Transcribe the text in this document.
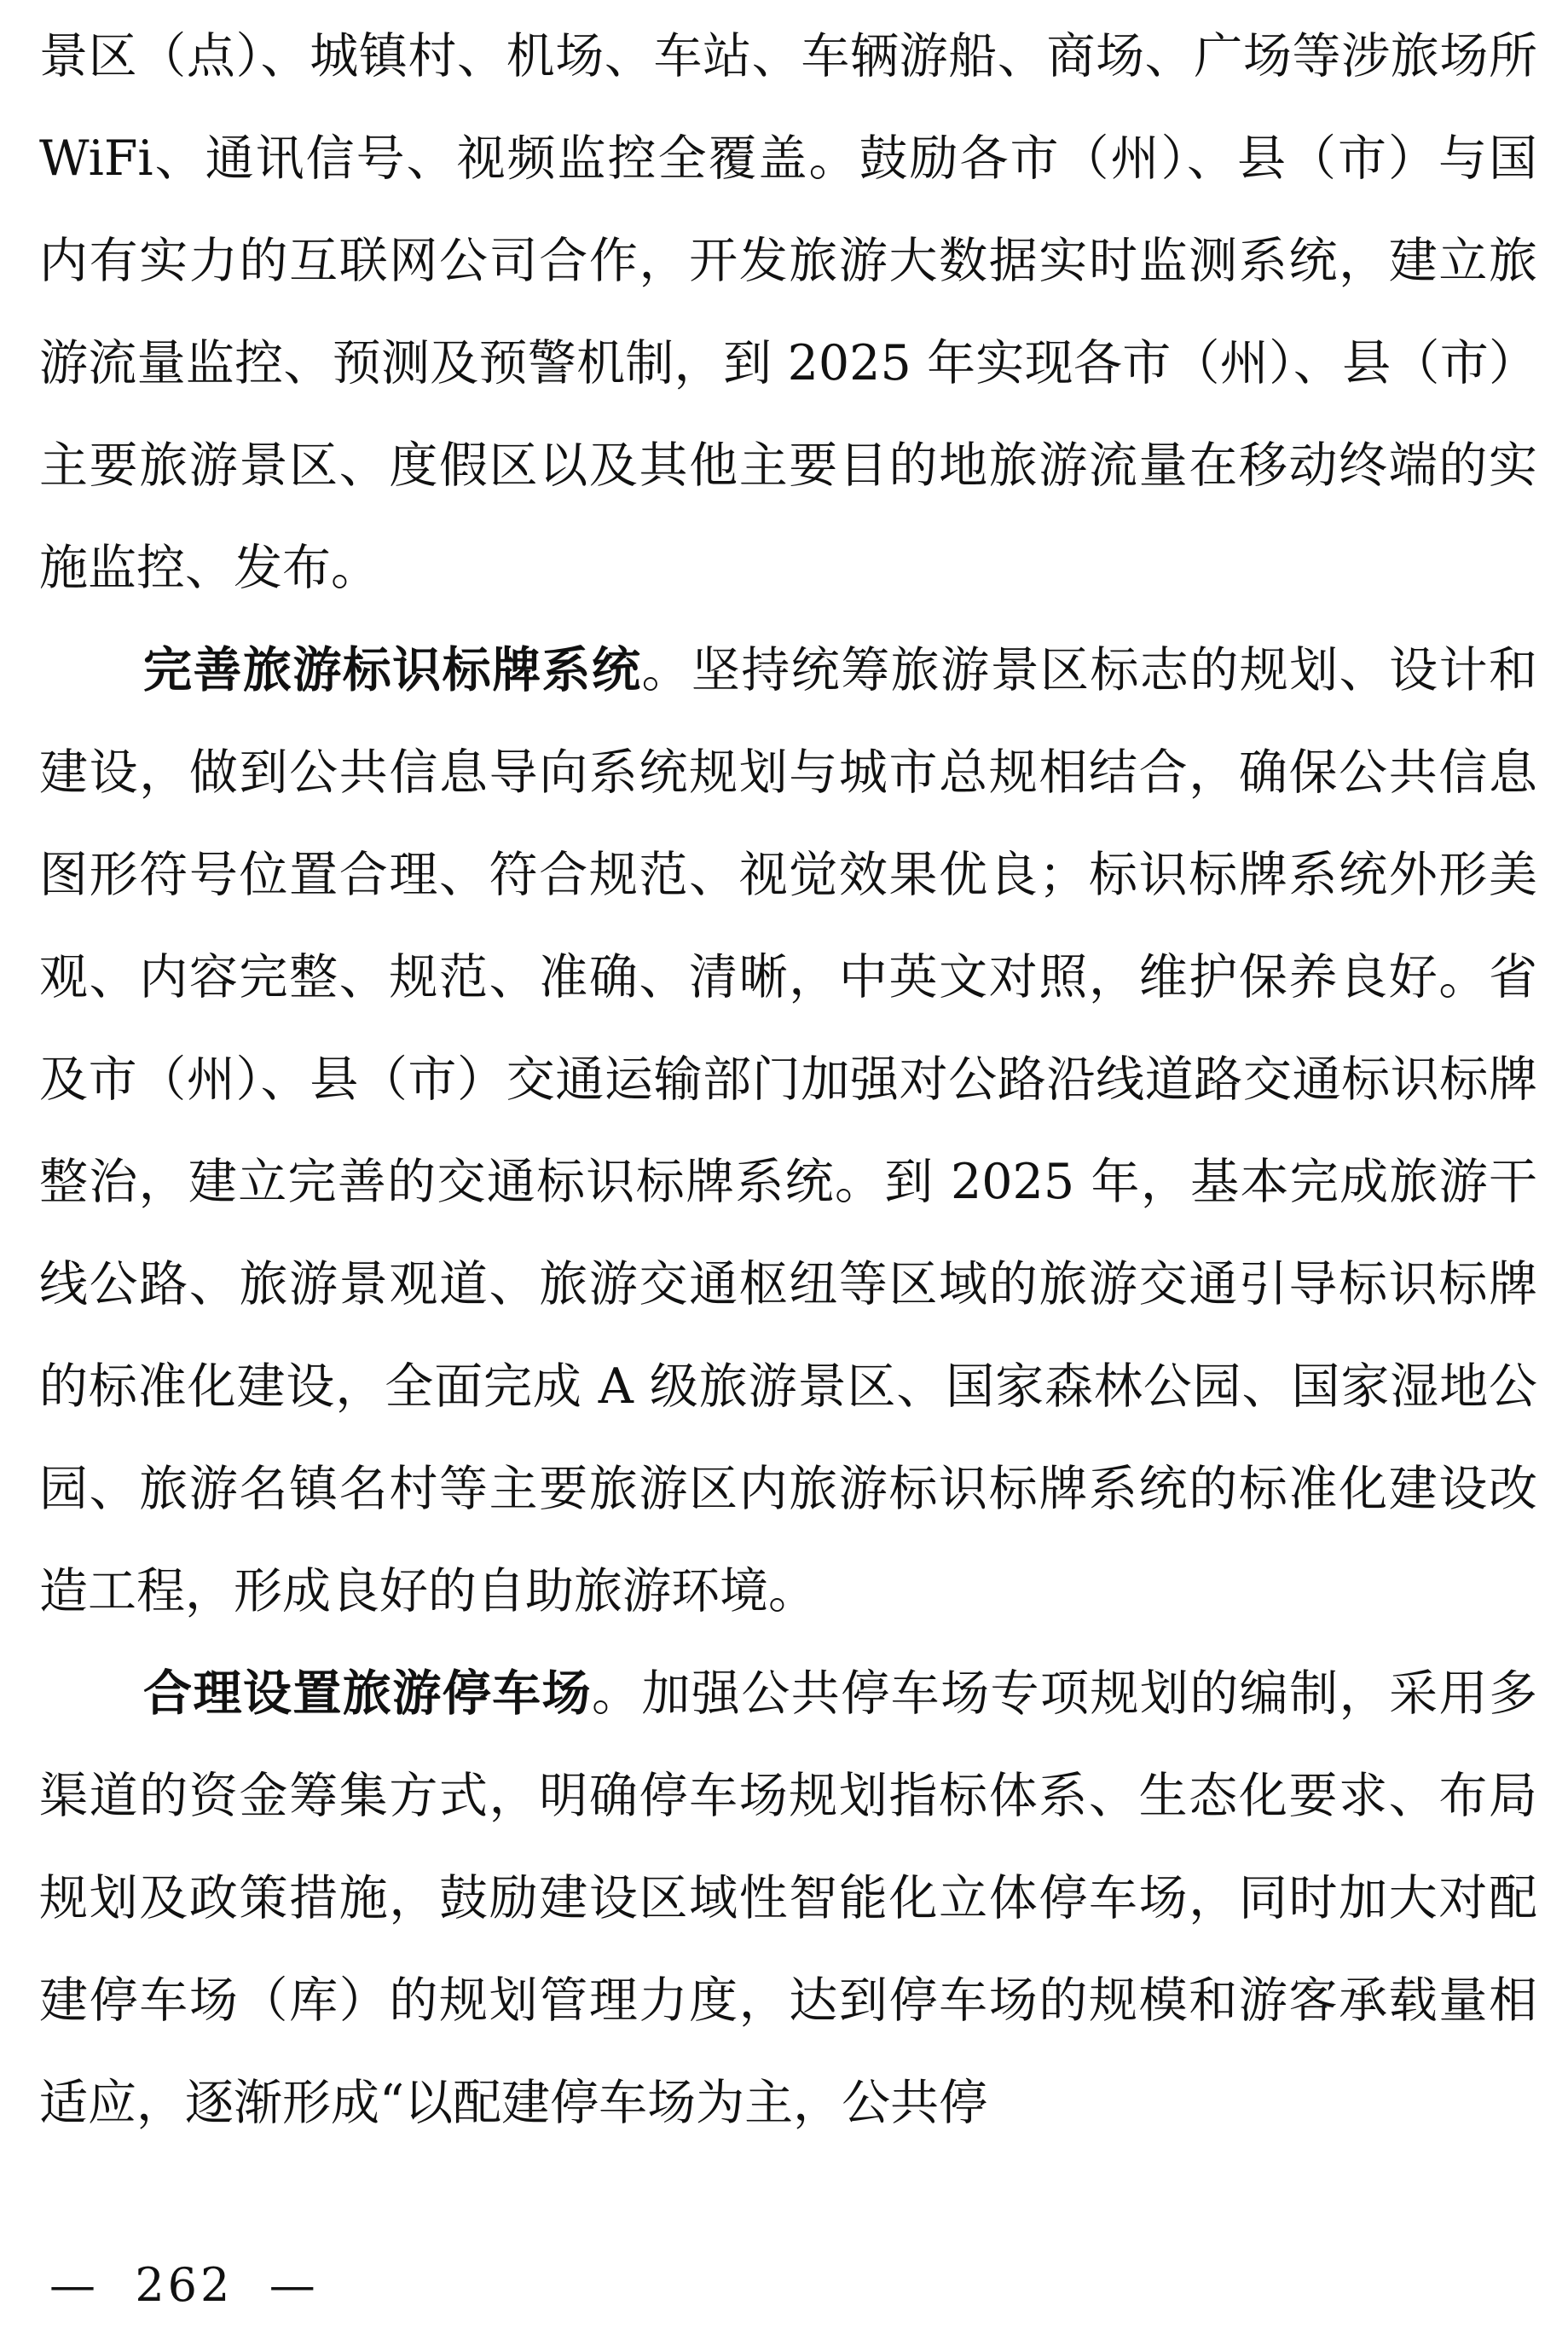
景区（点）、城镇村、机场、车站、车辆游船、商场、广场等涉旅场所 WiFi、通讯信号、视频监控全覆盖。鼓励各市（州）、县（市）与国内有实力的互联网公司合作，开发旅游大数据实时监测系统，建立旅游流量监控、预测及预警机制，到 2025 年实现各市（州）、县（市）主要旅游景区、度假区以及其他主要目的地旅游流量在移动终端的实施监控、发布。

完善旅游标识标牌系统。坚持统筹旅游景区标志的规划、设计和建设，做到公共信息导向系统规划与城市总规相结合，确保公共信息图形符号位置合理、符合规范、视觉效果优良；标识标牌系统外形美观、内容完整、规范、准确、清晰，中英文对照，维护保养良好。省及市（州）、县（市）交通运输部门加强对公路沿线道路交通标识标牌整治，建立完善的交通标识标牌系统。到 2025 年，基本完成旅游干线公路、旅游景观道、旅游交通枢纽等区域的旅游交通引导标识标牌的标准化建设，全面完成 A 级旅游景区、国家森林公园、国家湿地公园、旅游名镇名村等主要旅游区内旅游标识标牌系统的标准化建设改造工程，形成良好的自助旅游环境。

合理设置旅游停车场。加强公共停车场专项规划的编制，采用多渠道的资金筹集方式，明确停车场规划指标体系、生态化要求、布局规划及政策措施，鼓励建设区域性智能化立体停车场，同时加大对配建停车场（库）的规划管理力度，达到停车场的规模和游客承载量相适应，逐渐形成“以配建停车场为主，公共停

—  262  —
